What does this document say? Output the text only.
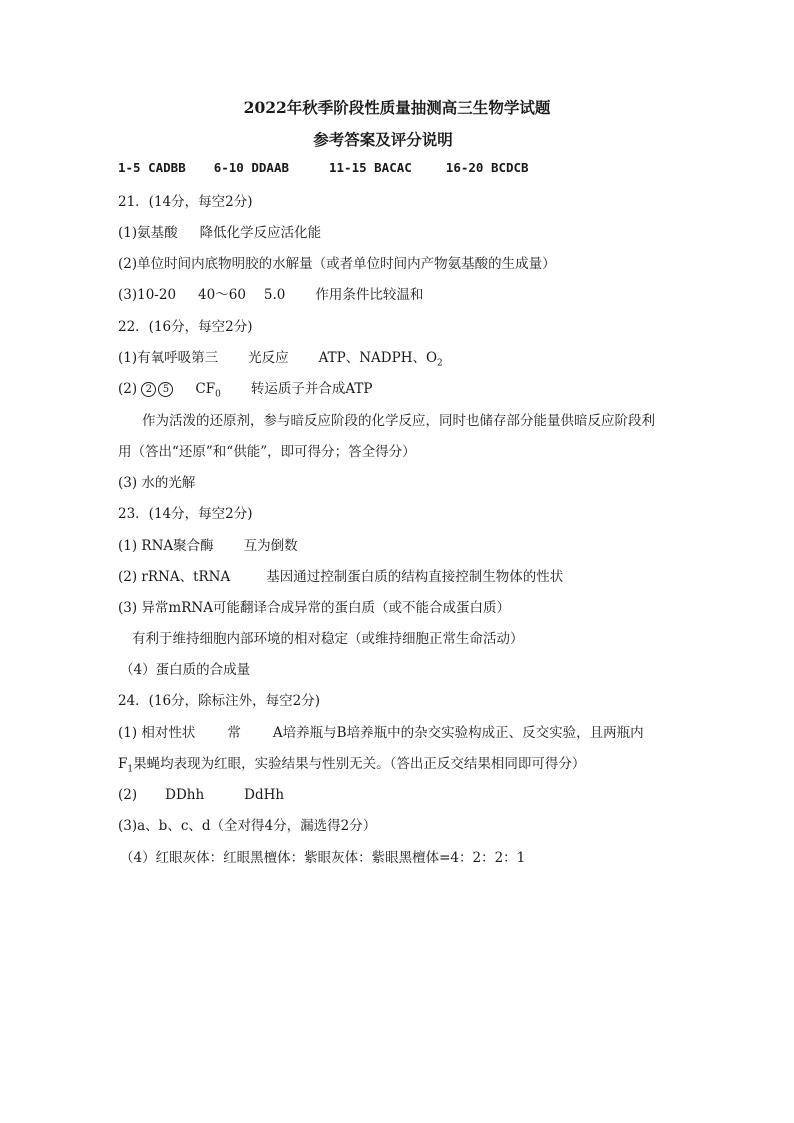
2022年秋季阶段性质量抽测高三生物学试题
参考答案及评分说明
1-5 CADBB 6-10 DDAAB	11-15 BACAC	16-20 BCDCB
21．(14分，每空2分)
(1)氨基酸 降低化学反应活化能
(2)单位时间内底物明胶的水解量（或者单位时间内产物氨基酸的生成量）
(3)10-20 40～60 5.0 作用条件比较温和
22．(16分，每空2分)
(1)有氧呼吸第三 光反应 ATP、NADPH、$O_2$
(2) 2 5 $CF_0$ 转运质子并合成ATP
作为活泼的还原剂，参与暗反应阶段的化学反应，同时也储存部分能量供暗反应阶段利
用（答出“还原”和“供能”，即可得分；答全得分）
(3) 水的光解
23．(14分，每空2分)
(1) RNA聚合酶 互为倒数
(2) rRNA、tRNA	基因通过控制蛋白质的结构直接控制生物体的性状
(3) 异常mRNA可能翻译合成异常的蛋白质（或不能合成蛋白质）
有利于维持细胞内部环境的相对稳定（或维持细胞正常生命活动）
（4）蛋白质的合成量
24．(16分，除标注外，每空2分)
(1) 相对性状 常 A培养瓶与B培养瓶中的杂交实验构成正、反交实验，且两瓶内
$F_1$果蝇均表现为红眼，实验结果与性别无关。（答出正反交结果相同即可得分）
(2) DDhh	DdHh
(3)a、b、c、d（全对得4分，漏选得2分）
（4）红眼灰体：红眼黑檀体：紫眼灰体：紫眼黑檀体=4：2：2：1
